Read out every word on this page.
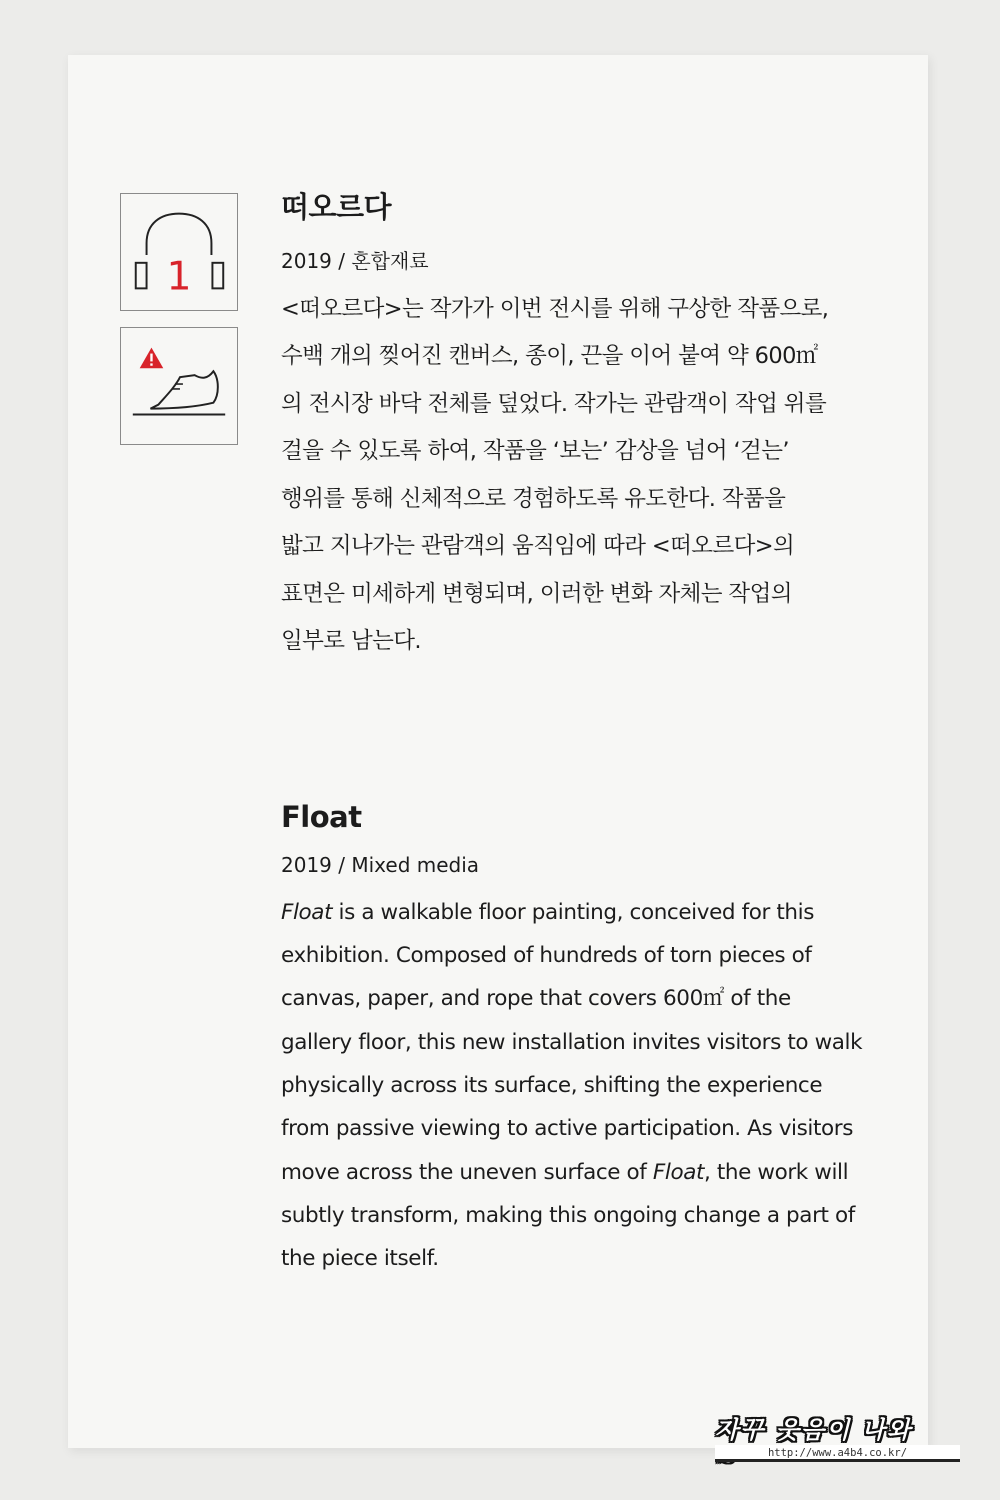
1
떠오르다

2019 / 혼합재료

<떠오르다>는 작가가 이번 전시를 위해 구상한 작품으로,
수백 개의 찢어진 캔버스, 종이, 끈을 이어 붙여 약 600㎡
의 전시장 바닥 전체를 덮었다. 작가는 관람객이 작업 위를
걸을 수 있도록 하여, 작품을 ‘보는’ 감상을 넘어 ‘걷는’
행위를 통해 신체적으로 경험하도록 유도한다. 작품을
밟고 지나가는 관람객의 움직임에 따라 <떠오르다>의
표면은 미세하게 변형되며, 이러한 변화 자체는 작업의
일부로 남는다.
Float

2019 / Mixed media

Float is a walkable floor painting, conceived for this
exhibition. Composed of hundreds of torn pieces of
canvas, paper, and rope that covers 600㎡ of the
gallery floor, this new installation invites visitors to walk
physically across its surface, shifting the experience
from passive viewing to active participation. As visitors
move across the uneven surface of Float, the work will
subtly transform, making this ongoing change a part of
the piece itself.
자꾸 웃음이 나와
http://www.a4b4.co.kr/
